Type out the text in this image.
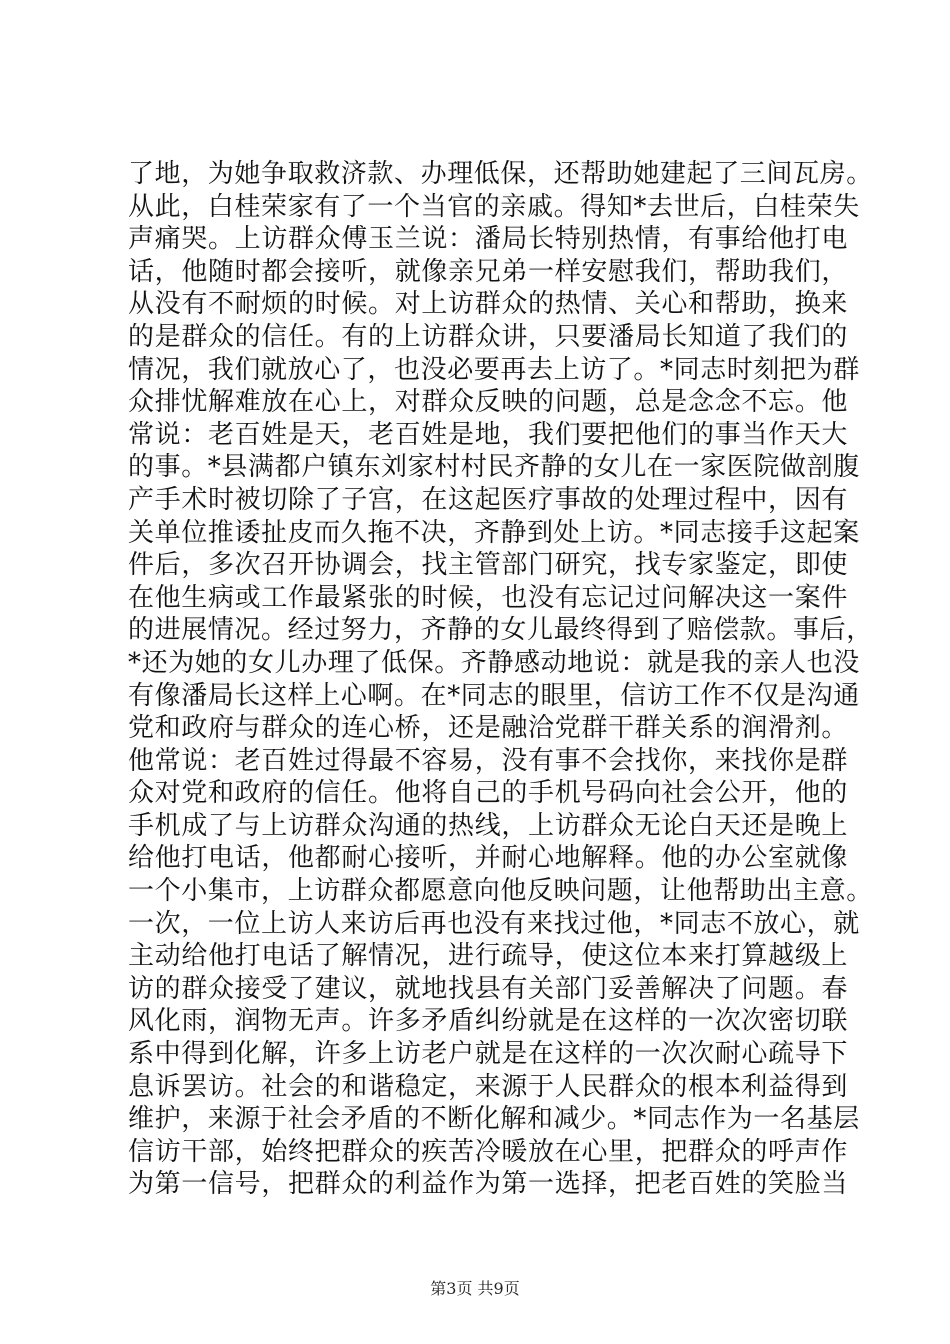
了地，为她争取救济款、办理低保，还帮助她建起了三间瓦房。
从此，白桂荣家有了一个当官的亲戚。得知*去世后，白桂荣失
声痛哭。上访群众傅玉兰说：潘局长特别热情，有事给他打电
话，他随时都会接听，就像亲兄弟一样安慰我们，帮助我们，
从没有不耐烦的时候。对上访群众的热情、关心和帮助，换来
的是群众的信任。有的上访群众讲，只要潘局长知道了我们的
情况，我们就放心了，也没必要再去上访了。*同志时刻把为群
众排忧解难放在心上，对群众反映的问题，总是念念不忘。他
常说：老百姓是天，老百姓是地，我们要把他们的事当作天大
的事。*县满都户镇东刘家村村民齐静的女儿在一家医院做剖腹
产手术时被切除了子宫，在这起医疗事故的处理过程中，因有
关单位推诿扯皮而久拖不决，齐静到处上访。*同志接手这起案
件后，多次召开协调会，找主管部门研究，找专家鉴定，即使
在他生病或工作最紧张的时候，也没有忘记过问解决这一案件
的进展情况。经过努力，齐静的女儿最终得到了赔偿款。事后，
*还为她的女儿办理了低保。齐静感动地说：就是我的亲人也没
有像潘局长这样上心啊。在*同志的眼里，信访工作不仅是沟通
党和政府与群众的连心桥，还是融洽党群干群关系的润滑剂。
他常说：老百姓过得最不容易，没有事不会找你，来找你是群
众对党和政府的信任。他将自己的手机号码向社会公开，他的
手机成了与上访群众沟通的热线，上访群众无论白天还是晚上
给他打电话，他都耐心接听，并耐心地解释。他的办公室就像
一个小集市，上访群众都愿意向他反映问题，让他帮助出主意。
一次，一位上访人来访后再也没有来找过他，*同志不放心，就
主动给他打电话了解情况，进行疏导，使这位本来打算越级上
访的群众接受了建议，就地找县有关部门妥善解决了问题。春
风化雨，润物无声。许多矛盾纠纷就是在这样的一次次密切联
系中得到化解，许多上访老户就是在这样的一次次耐心疏导下
息诉罢访。社会的和谐稳定，来源于人民群众的根本利益得到
维护，来源于社会矛盾的不断化解和减少。*同志作为一名基层
信访干部，始终把群众的疾苦冷暖放在心里，把群众的呼声作
为第一信号，把群众的利益作为第一选择，把老百姓的笑脸当
第3页 共9页
